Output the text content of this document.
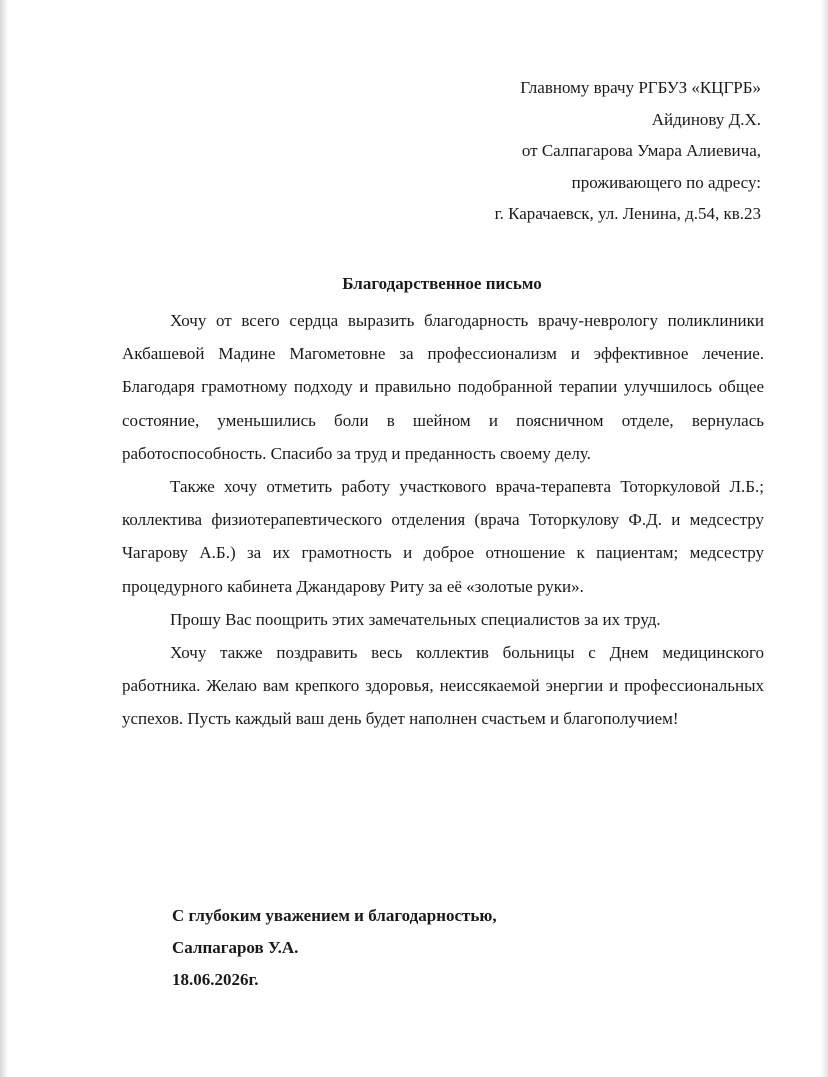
Главному врачу РГБУЗ «КЦГРБ»
Айдинову Д.Х.
от Салпагарова Умара Алиевича,
проживающего по адресу:
г. Карачаевск, ул. Ленина, д.54, кв.23
Благодарственное письмо

Хочу от всего сердца выразить благодарность врачу-неврологу поликлиники Акбашевой Мадине Магометовне за профессионализм и эффективное лечение. Благодаря грамотному подходу и правильно подобранной терапии улучшилось общее состояние, уменьшились боли в шейном и поясничном отделе, вернулась работоспособность. Спасибо за труд и преданность своему делу.

Также хочу отметить работу участкового врача-терапевта Тоторкуловой Л.Б.; коллектива физиотерапевтического отделения (врача Тоторкулову Ф.Д. и медсестру Чагарову А.Б.) за их грамотность и доброе отношение к пациентам; медсестру процедурного кабинета Джандарову Риту за её «золотые руки».

Прошу Вас поощрить этих замечательных специалистов за их труд.

Хочу также поздравить весь коллектив больницы с Днем медицинского работника. Желаю вам крепкого здоровья, неиссякаемой энергии и профессиональных успехов. Пусть каждый ваш день будет наполнен счастьем и благополучием!

С глубоким уважением и благодарностью,
Салпагаров У.А.
18.06.2026г.
